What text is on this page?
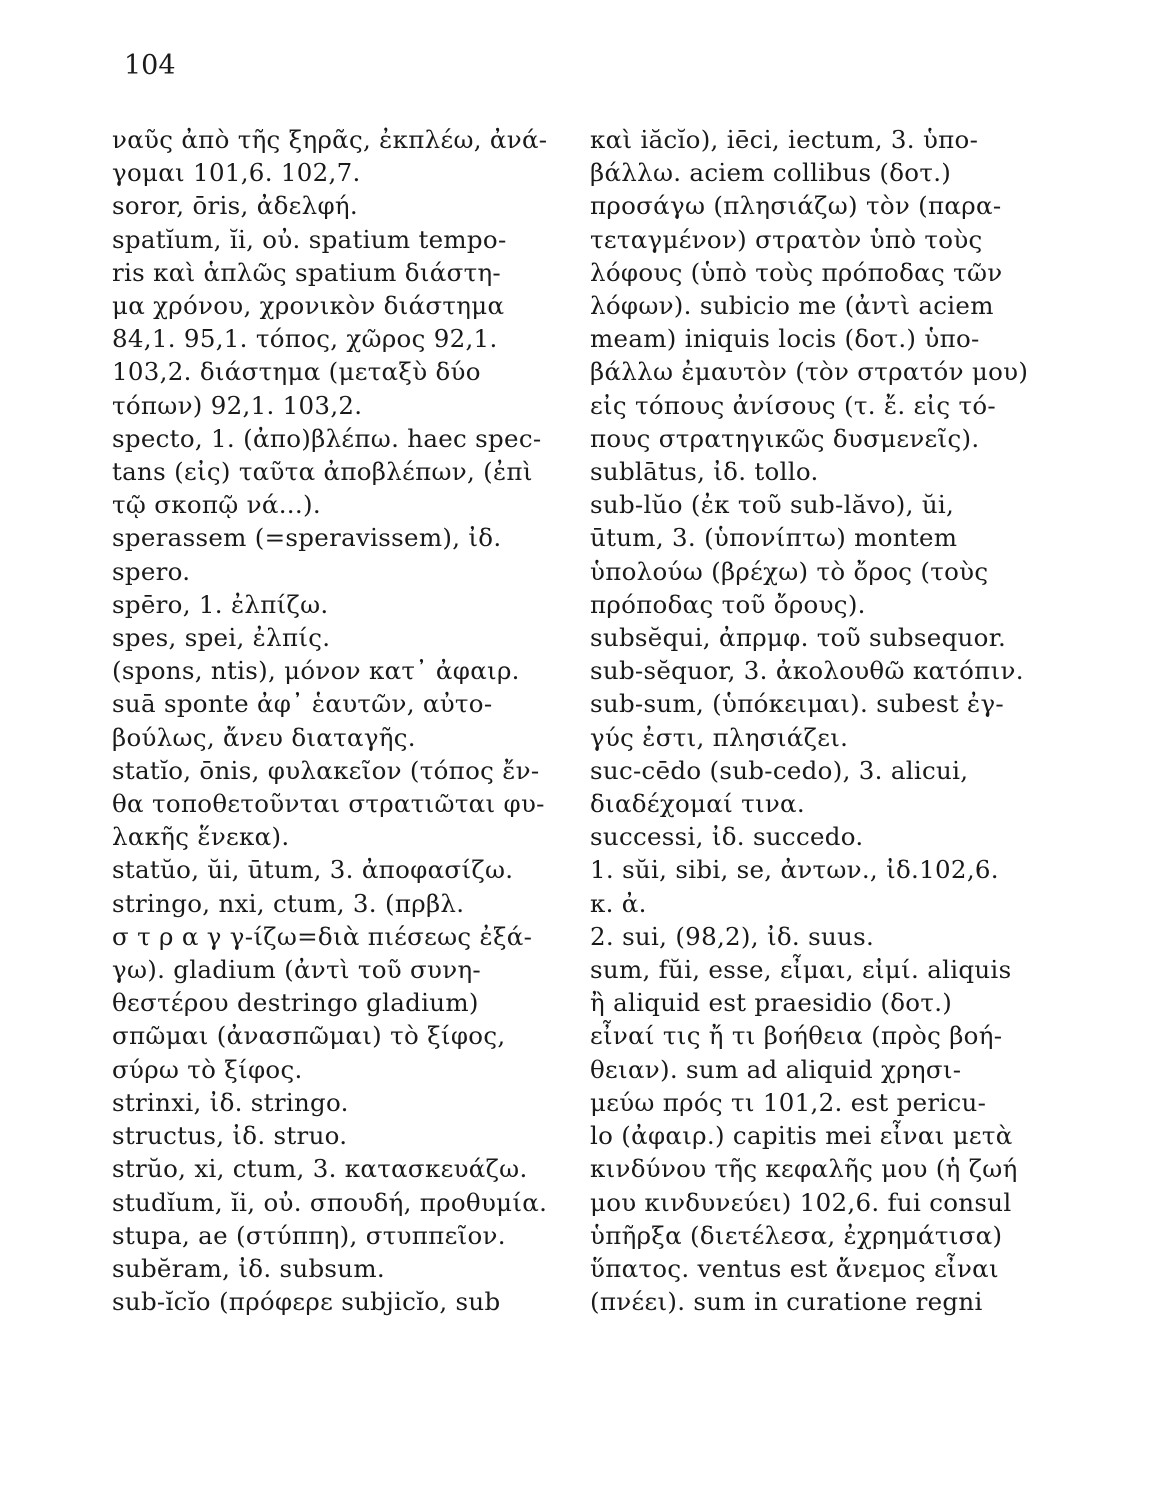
104
ναῦς ἀπὸ τῆς ξηρᾶς, ἐκπλέω, ἀνά-
γομαι 101,6. 102,7.
soror, ōris, ἀδελφή.
spatĭum, ĭi, οὐ. spatium tempo-
ris καὶ ἁπλῶς spatium διάστη-
μα χρόνου, χρονικὸν διάστημα
84,1. 95,1. τόπος, χῶρος 92,1.
103,2. διάστημα (μεταξὺ δύο
τόπων) 92,1. 103,2.
specto, 1. (ἀπο)βλέπω. haec spec-
tans (εἰς) ταῦτα ἀποβλέπων, (ἐπὶ
τῷ σκοπῷ νά...).
sperassem (=speravissem), ἰδ.
spero.
spēro, 1. ἐλπίζω.
spes, spei, ἐλπίς.
(spons, ntis), μόνον κατ᾽ ἀφαιρ.
suā sponte ἀφ᾽ ἑαυτῶν, αὐτο-
βούλως, ἄνευ διαταγῆς.
statĭo, ōnis, φυλακεῖον (τόπος ἔν-
θα τοποθετοῦνται στρατιῶται φυ-
λακῆς ἕνεκα).
statŭo, ŭi, ūtum, 3. ἀποφασίζω.
stringo, nxi, ctum, 3. (πρβλ.
σ τ ρ α γ γ-ίζω=διὰ πιέσεως ἐξά-
γω). gladium (ἀντὶ τοῦ συνη-
θεστέρου destringo gladium)
σπῶμαι (ἀνασπῶμαι) τὸ ξίφος,
σύρω τὸ ξίφος.
strinxi, ἰδ. stringo.
structus, ἰδ. struo.
strŭo, xi, ctum, 3. κατασκευάζω.
studĭum, ĭi, οὐ. σπουδή, προθυμία.
stupa, ae (στύππη), στυππεῖον.
subĕram, ἰδ. subsum.
sub-ĭcĭo (πρόφερε subjicĭo, sub
καὶ iăcĭo), iēci, iectum, 3. ὑπο-
βάλλω. aciem collibus (δοτ.)
προσάγω (πλησιάζω) τὸν (παρα-
τεταγμένον) στρατὸν ὑπὸ τοὺς
λόφους (ὑπὸ τοὺς πρόποδας τῶν
λόφων). subicio me (ἀντὶ aciem
meam) iniquis locis (δοτ.) ὑπο-
βάλλω ἐμαυτὸν (τὸν στρατόν μου)
εἰς τόπους ἀνίσους (τ. ἔ. εἰς τό-
πους στρατηγικῶς δυσμενεῖς).
sublātus, ἰδ. tollo.
sub-lŭo (ἐκ τοῦ sub-lăvo), ŭi,
ūtum, 3. (ὑπονίπτω) montem
ὑπολούω (βρέχω) τὸ ὄρος (τοὺς
πρόποδας τοῦ ὄρους).
subsĕqui, ἀπρμφ. τοῦ subsequor.
sub-sĕquor, 3. ἀκολουθῶ κατόπιν.
sub-sum, (ὑπόκειμαι). subest ἐγ-
γύς ἐστι, πλησιάζει.
suc-cēdo (sub-cedo), 3. alicui,
διαδέχομαί τινα.
successi, ἰδ. succedo.
1. sŭi, sibi, se, ἀντων., ἰδ.102,6.
κ. ἀ.
2. sui, (98,2), ἰδ. suus.
sum, fŭi, esse, εἶμαι, εἰμί. aliquis
ἢ aliquid est praesidio (δοτ.)
εἶναί τις ἤ τι βοήθεια (πρὸς βοή-
θειαν). sum ad aliquid χρησι-
μεύω πρός τι 101,2. est pericu-
lo (ἀφαιρ.) capitis mei εἶναι μετὰ
κινδύνου τῆς κεφαλῆς μου (ἡ ζωή
μου κινδυνεύει) 102,6. fui consul
ὑπῆρξα (διετέλεσα, ἐχρημάτισα)
ὕπατος. ventus est ἄνεμος εἶναι
(πνέει). sum in curatione regni
